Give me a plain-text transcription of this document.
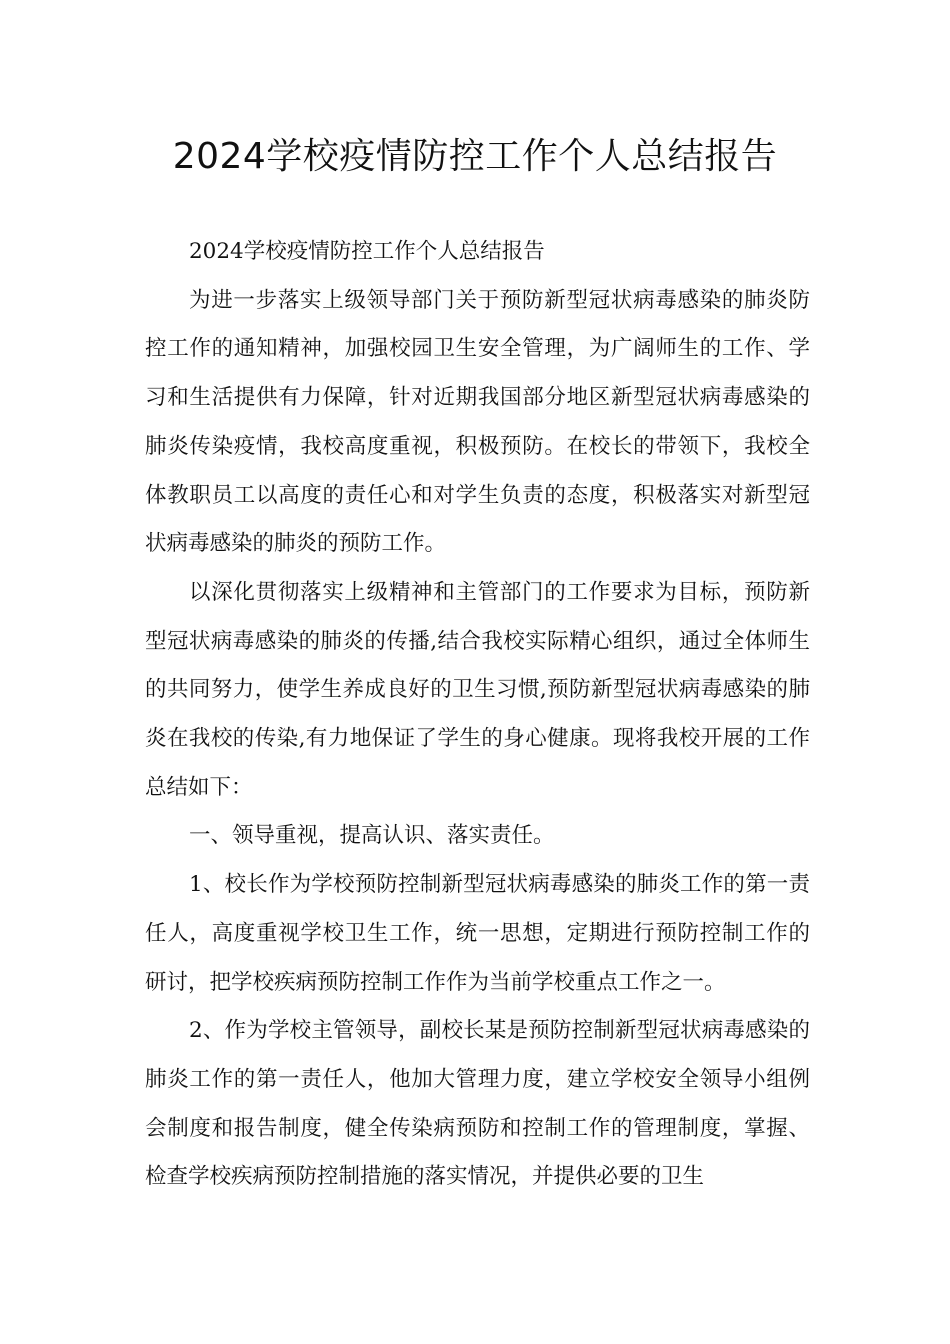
2024学校疫情防控工作个人总结报告

2024学校疫情防控工作个人总结报告

为进一步落实上级领导部门关于预防新型冠状病毒感染的肺炎防控工作的通知精神，加强校园卫生安全管理，为广阔师生的工作、学习和生活提供有力保障，针对近期我国部分地区新型冠状病毒感染的肺炎传染疫情，我校高度重视，积极预防。在校长的带领下，我校全体教职员工以高度的责任心和对学生负责的态度，积极落实对新型冠状病毒感染的肺炎的预防工作。

以深化贯彻落实上级精神和主管部门的工作要求为目标，预防新型冠状病毒感染的肺炎的传播,结合我校实际精心组织，通过全体师生的共同努力，使学生养成良好的卫生习惯,预防新型冠状病毒感染的肺炎在我校的传染,有力地保证了学生的身心健康。现将我校开展的工作总结如下：

一、领导重视，提高认识、落实责任。

1、校长作为学校预防控制新型冠状病毒感染的肺炎工作的第一责任人，高度重视学校卫生工作，统一思想，定期进行预防控制工作的研讨，把学校疾病预防控制工作作为当前学校重点工作之一。

2、作为学校主管领导，副校长某是预防控制新型冠状病毒感染的肺炎工作的第一责任人，他加大管理力度，建立学校安全领导小组例会制度和报告制度，健全传染病预防和控制工作的管理制度，掌握、检查学校疾病预防控制措施的落实情况，并提供必要的卫生
